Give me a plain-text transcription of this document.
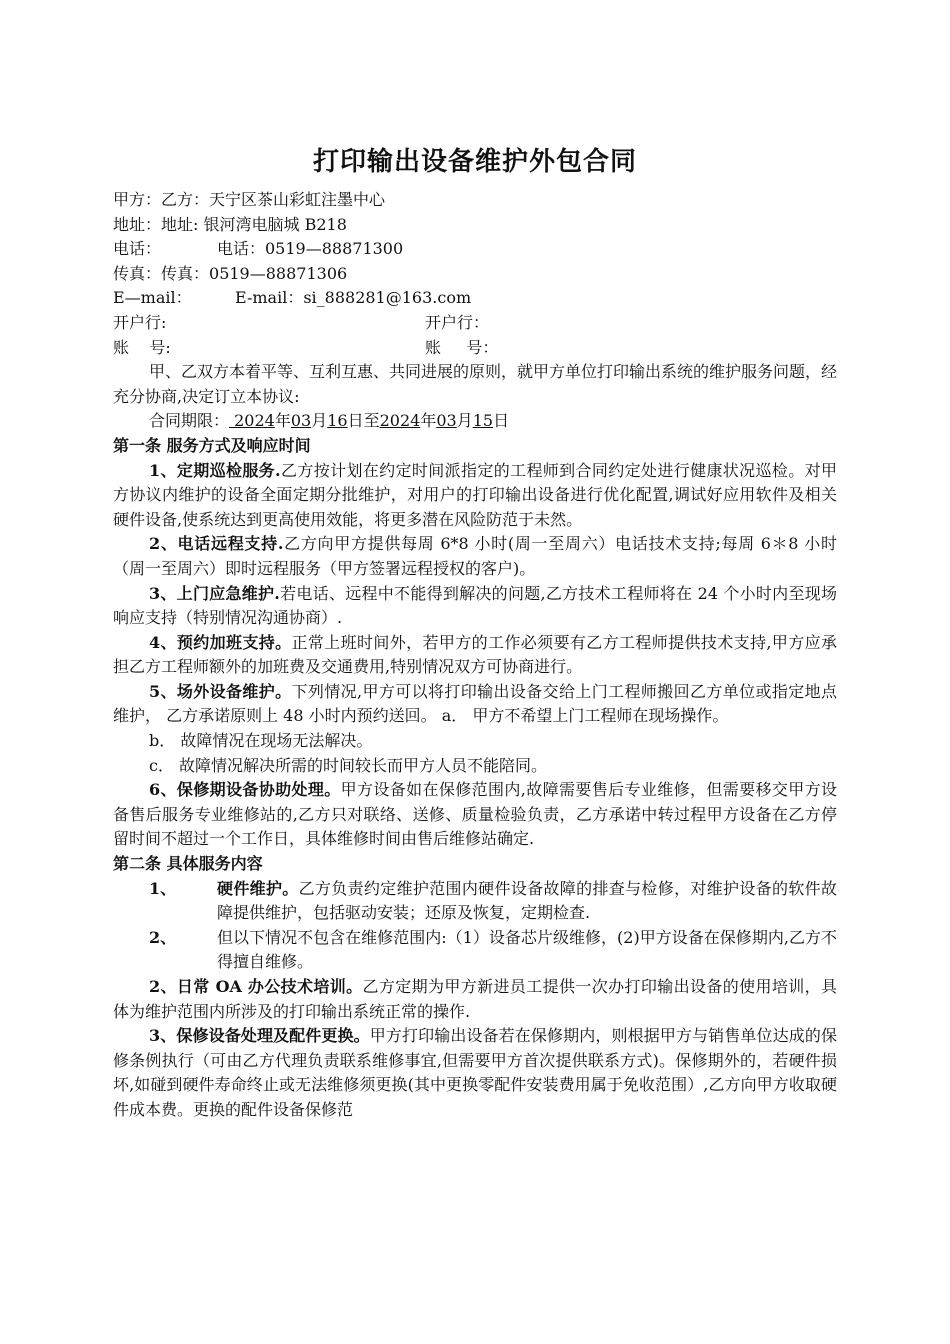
打印输出设备维护外包合同
甲方：乙方：天宁区茶山彩虹注墨中心
地址：地址: 银河湾电脑城 B218
电话：	电话：0519—88871300
传真：传真：0519—88871306
E—mail：	E-mail：si_888281@163.com
开户行:	开户行：
账    号:	账     号：

甲、乙双方本着平等、互利互惠、共同进展的原则，就甲方单位打印输出系统的维护服务问题，经充分协商,决定订立本协议:

合同期限： 2024年03月16日至2024年03月15日

第一条 服务方式及响应时间

1、定期巡检服务.乙方按计划在约定时间派指定的工程师到合同约定处进行健康状况巡检。对甲方协议内维护的设备全面定期分批维护，对用户的打印输出设备进行优化配置,调试好应用软件及相关硬件设备,使系统达到更高使用效能，将更多潜在风险防范于未然。

2、电话远程支持.乙方向甲方提供每周 6*8 小时(周一至周六）电话技术支持;每周 6＊8 小时（周一至周六）即时远程服务（甲方签署远程授权的客户)。

3、上门应急维护.若电话、远程中不能得到解决的问题,乙方技术工程师将在 24 个小时内至现场响应支持（特别情况沟通协商）.

4、预约加班支持。正常上班时间外，若甲方的工作必须要有乙方工程师提供技术支持,甲方应承担乙方工程师额外的加班费及交通费用,特别情况双方可协商进行。

5、场外设备维护。下列情况,甲方可以将打印输出设备交给上门工程师搬回乙方单位或指定地点维护， 乙方承诺原则上 48 小时内预约送回。 a． 甲方不希望上门工程师在现场操作。

b． 故障情况在现场无法解决。

c． 故障情况解决所需的时间较长而甲方人员不能陪同。

6、保修期设备协助处理。甲方设备如在保修范围内,故障需要售后专业维修，但需要移交甲方设备售后服务专业维修站的,乙方只对联络、送修、质量检验负责，乙方承诺中转过程甲方设备在乙方停留时间不超过一个工作日，具体维修时间由售后维修站确定.

第二条 具体服务内容

1、	硬件维护。乙方负责约定维护范围内硬件设备故障的排查与检修，对维护设备的软件故障提供维护，包括驱动安装；还原及恢复，定期检查.
2、	但以下情况不包含在维修范围内:（1）设备芯片级维修，(2)甲方设备在保修期内,乙方不得擅自维修。

2、日常 OA 办公技术培训。乙方定期为甲方新进员工提供一次办打印输出设备的使用培训，具体为维护范围内所涉及的打印输出系统正常的操作.

3、保修设备处理及配件更换。甲方打印输出设备若在保修期内，则根据甲方与销售单位达成的保修条例执行（可由乙方代理负责联系维修事宜,但需要甲方首次提供联系方式)。保修期外的，若硬件损坏,如碰到硬件寿命终止或无法维修须更换(其中更换零配件安装费用属于免收范围）,乙方向甲方收取硬件成本费。更换的配件设备保修范
